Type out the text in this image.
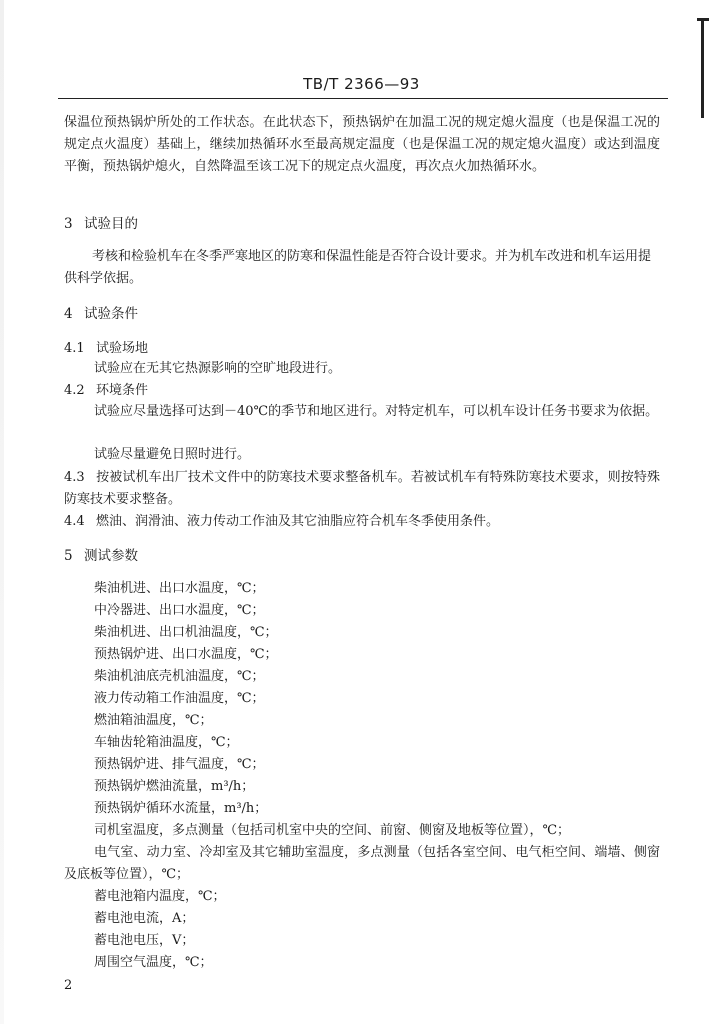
TB/T 2366—93
保温位预热锅炉所处的工作状态。在此状态下，预热锅炉在加温工况的规定熄火温度（也是保温工况的规定点火温度）基础上，继续加热循环水至最高规定温度（也是保温工况的规定熄火温度）或达到温度平衡，预热锅炉熄火，自然降温至该工况下的规定点火温度，再次点火加热循环水。
3 试验目的
考核和检验机车在冬季严寒地区的防寒和保温性能是否符合设计要求。并为机车改进和机车运用提供科学依据。
4 试验条件
4.1 试验场地
试验应在无其它热源影响的空旷地段进行。
4.2 环境条件
试验应尽量选择可达到－40℃的季节和地区进行。对特定机车，可以机车设计任务书要求为依据。
试验尽量避免日照时进行。
4.3 按被试机车出厂技术文件中的防寒技术要求整备机车。若被试机车有特殊防寒技术要求，则按特殊防寒技术要求整备。
4.4 燃油、润滑油、液力传动工作油及其它油脂应符合机车冬季使用条件。
5 测试参数
柴油机进、出口水温度，℃；
中冷器进、出口水温度，℃；
柴油机进、出口机油温度，℃；
预热锅炉进、出口水温度，℃；
柴油机油底壳机油温度，℃；
液力传动箱工作油温度，℃；
燃油箱油温度，℃；
车轴齿轮箱油温度，℃；
预热锅炉进、排气温度，℃；
预热锅炉燃油流量，m³/h；
预热锅炉循环水流量，m³/h；
司机室温度，多点测量（包括司机室中央的空间、前窗、侧窗及地板等位置），℃；
电气室、动力室、冷却室及其它辅助室温度，多点测量（包括各室空间、电气柜空间、端墙、侧窗及底板等位置），℃；
蓄电池箱内温度，℃；
蓄电池电流，A；
蓄电池电压，V；
周围空气温度，℃；
2
